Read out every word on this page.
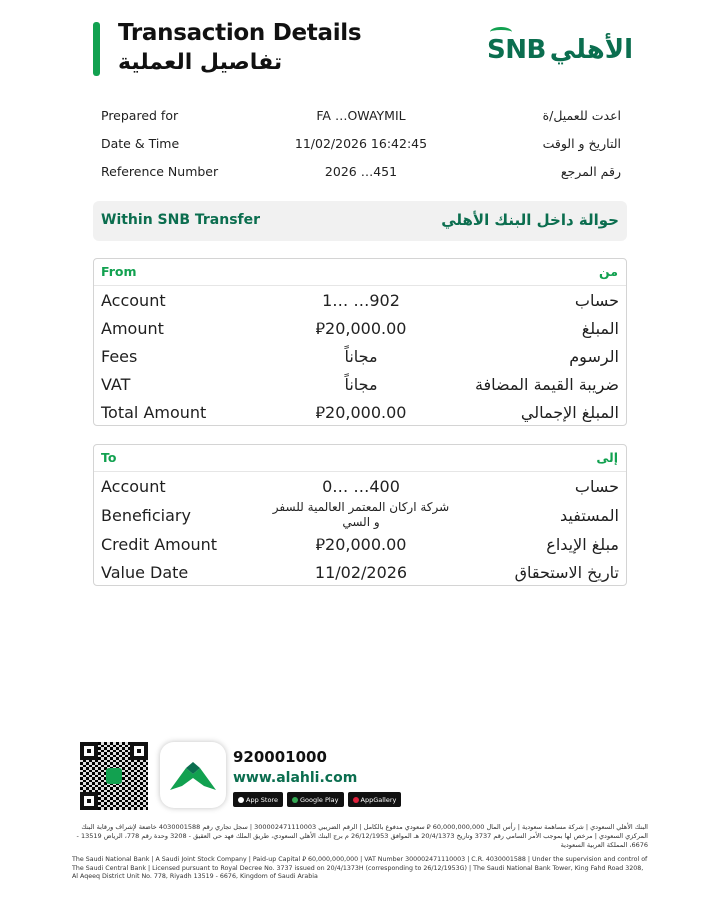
Transaction Details
تفاصيل العملية	SNB الأهلي
Prepared for	FA …OWAYMIL	اعدت للعميل/ة
Date & Time	11/02/2026 16:42:45	التاريخ و الوقت
Reference Number	2026 …451	رقم المرجع
Within SNB Transfer	حوالة داخل البنك الأهلي
From	من
Account	1… …902	حساب
Amount	⃁20,000.00	المبلغ
Fees	مجاناً	الرسوم
VAT	مجاناً	ضريبة القيمة المضافة
Total Amount	⃁20,000.00	المبلغ الإجمالي
To	إلى
Account	0… …400	حساب
Beneficiary	شركة اركان المعتمر العالمية للسفر و السي	المستفيد
Credit Amount	⃁20,000.00	مبلغ الإيداع
Value Date	11/02/2026	تاريخ الاستحقاق
920001000
www.alahli.com
App Store	Google Play	AppGallery
البنك الأهلي السعودي | شركة مساهمة سعودية | رأس المال 60,000,000,000 ⃁ سعودي مدفوع بالكامل | الرقم الضريبي 300002471110003 | سجل تجاري رقم 4030001588 خاضعة لإشراف ورقابة البنك المركزي السعودي | مرخص لها بموجب الأمر السامي رقم 3737 وتاريخ 20/4/1373 هـ الموافق 26/12/1953 م برج البنك الأهلي السعودي، طريق الملك فهد حي العقيق - 3208 وحدة رقم 778، الرياض 13519 - 6676، المملكة العربية السعودية
The Saudi National Bank | A Saudi Joint Stock Company | Paid-up Capital ⃁ 60,000,000,000 | VAT Number 300002471110003 | C.R. 4030001588 | Under the supervision and control of The Saudi Central Bank | Licensed pursuant to Royal Decree No. 3737 issued on 20/4/1373H (corresponding to 26/12/1953G) | The Saudi National Bank Tower, King Fahd Road 3208, Al Aqeeq District Unit No. 778, Riyadh 13519 - 6676, Kingdom of Saudi Arabia
